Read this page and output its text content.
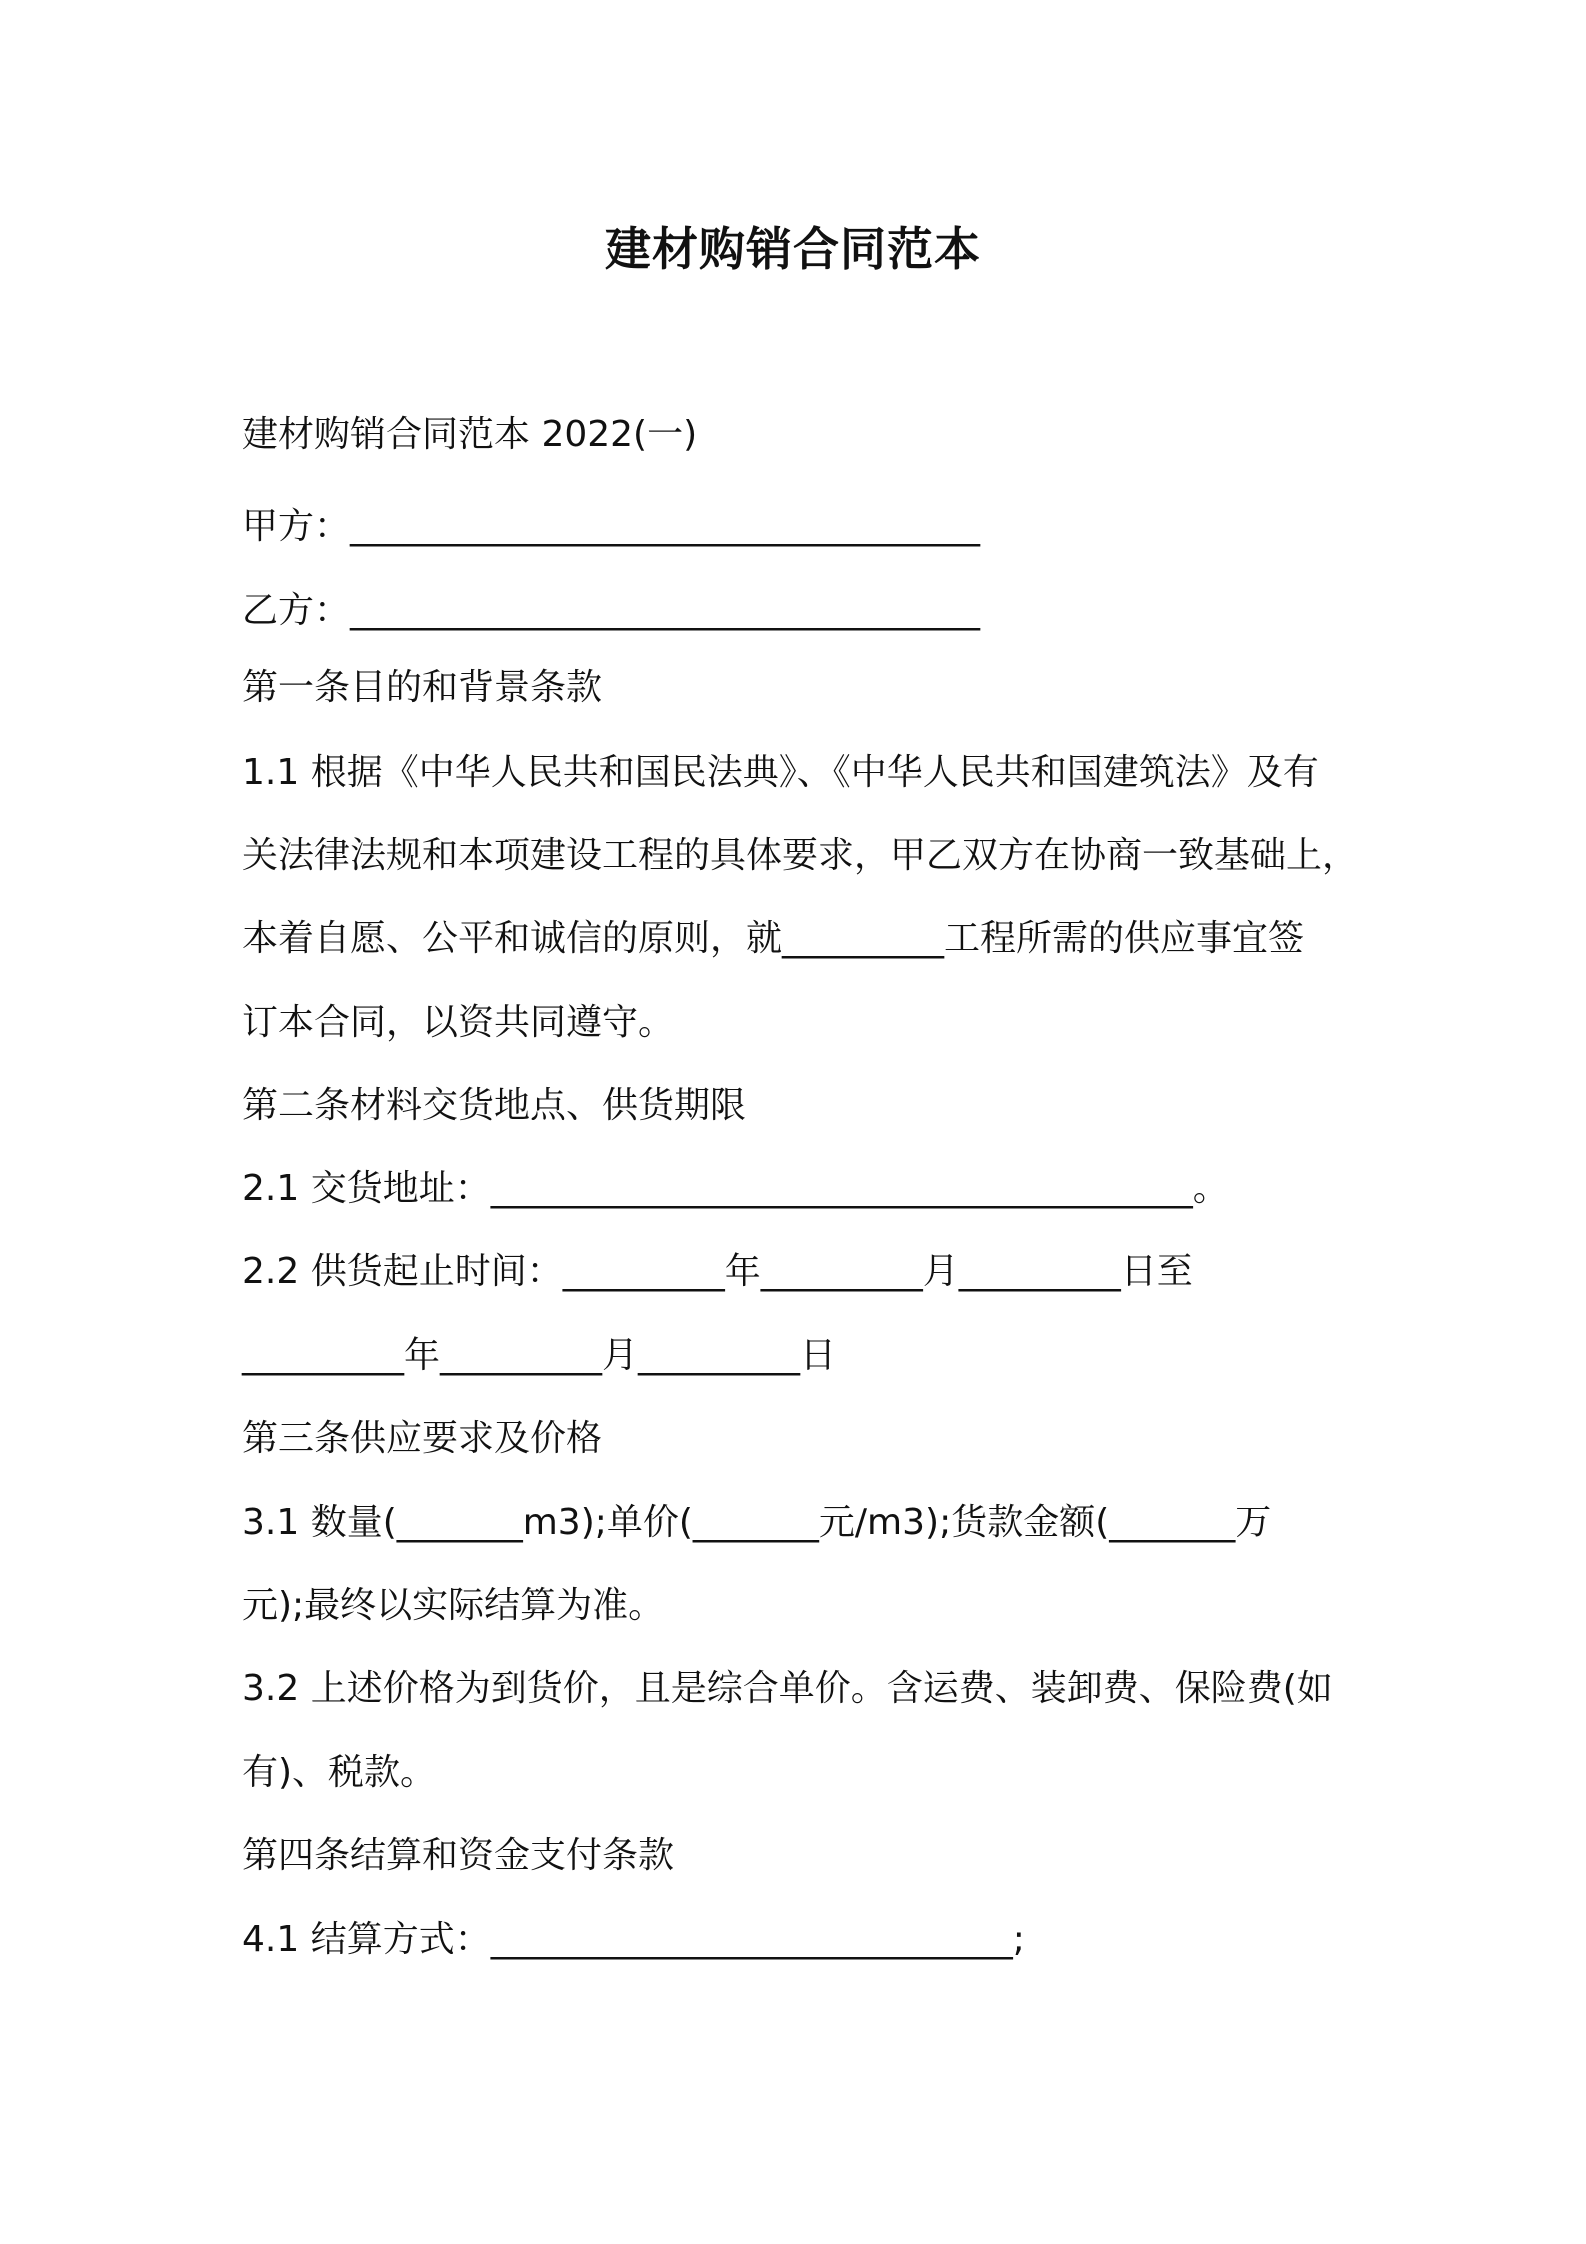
建材购销合同范本

建材购销合同范本 2022(一)

甲方：___________________________________

乙方：___________________________________

第一条目的和背景条款

1.1 根据《中华人民共和国民法典》、《中华人民共和国建筑法》及有

关法律法规和本项建设工程的具体要求，甲乙双方在协商一致基础上，

本着自愿、公平和诚信的原则，就_________工程所需的供应事宜签

订本合同，以资共同遵守。

第二条材料交货地点、供货期限

2.1 交货地址：_______________________________________。

2.2 供货起止时间：_________年_________月_________日至

_________年_________月_________日

第三条供应要求及价格

3.1 数量(_______m3);单价(_______元/m3);货款金额(_______万

元);最终以实际结算为准。

3.2 上述价格为到货价，且是综合单价。含运费、装卸费、保险费(如

有)、税款。

第四条结算和资金支付条款

4.1 结算方式：_____________________________;
